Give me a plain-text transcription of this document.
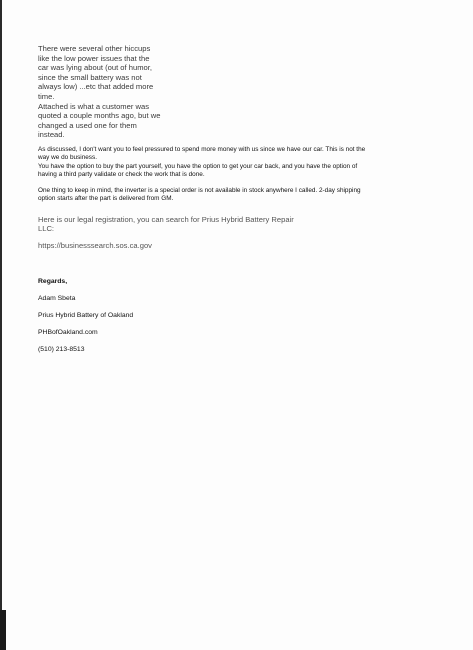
There were several other hiccups
like the low power issues that the
car was lying about (out of humor,
since the small battery was not
always low) ...etc that added more
time.
Attached is what a customer was
quoted a couple months ago, but we
changed a used one for them
instead.
As discussed, I don't want you to feel pressured to spend more money with us since we have our car. This is not the
way we do business.
You have the option to buy the part yourself, you have the option to get your car back, and you have the option of
having a third party validate or check the work that is done.
One thing to keep in mind, the inverter is a special order is not available in stock anywhere I called. 2-day shipping
option starts after the part is delivered from GM.
Here is our legal registration, you can search for Prius Hybrid Battery Repair
LLC:
https://businesssearch.sos.ca.gov

Regards,

Adam Sbeta

Prius Hybrid Battery of Oakland

PHBofOakland.com

(510) 213-8513
